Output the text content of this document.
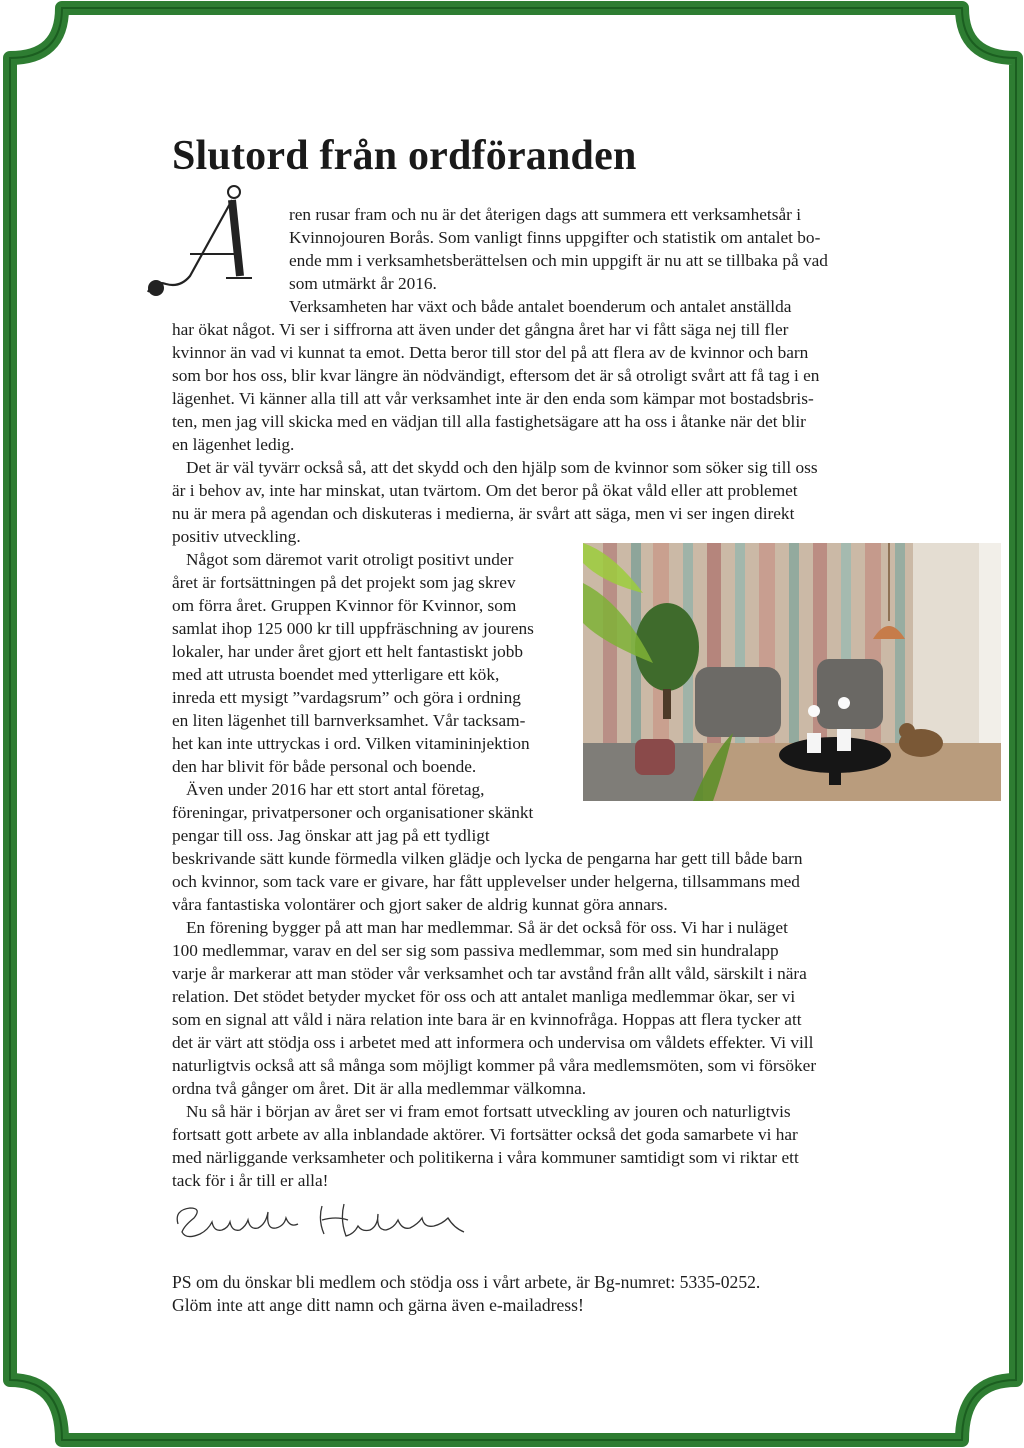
Slutord från ordföranden
Å

ren rusar fram och nu är det återigen dags att summera ett verksamhetsår i

Kvinnojouren Borås. Som vanligt finns uppgifter och statistik om antalet bo-

ende mm i verksamhetsberättelsen och min uppgift är nu att se tillbaka på vad

som utmärkt år 2016.

Verksamheten har växt och både antalet boenderum och antalet anställda

har ökat något. Vi ser i siffrorna att även under det gångna året har vi fått säga nej till fler

kvinnor än vad vi kunnat ta emot. Detta beror till stor del på att flera av de kvinnor och barn

som bor hos oss, blir kvar längre än nödvändigt, eftersom det är så otroligt svårt att få tag i en

lägenhet. Vi känner alla till att vår verksamhet inte är den enda som kämpar mot bostadsbris-

ten, men jag vill skicka med en vädjan till alla fastighetsägare att ha oss i åtanke när det blir

en lägenhet ledig.

Det är väl tyvärr också så, att det skydd och den hjälp som de kvinnor som söker sig till oss

är i behov av, inte har minskat, utan tvärtom. Om det beror på ökat våld eller att problemet

nu är mera på agendan och diskuteras i medierna, är svårt att säga, men vi ser ingen direkt

positiv utveckling.

Något som däremot varit otroligt positivt under

året är fortsättningen på det projekt som jag skrev

om förra året. Gruppen Kvinnor för Kvinnor, som

samlat ihop 125 000 kr till uppfräschning av jourens

lokaler, har under året gjort ett helt fantastiskt jobb

med att utrusta boendet med ytterligare ett kök,

inreda ett mysigt ”vardagsrum” och göra i ordning

en liten lägenhet till barnverksamhet. Vår tacksam-

het kan inte uttryckas i ord. Vilken vitamininjektion

den har blivit för både personal och boende.

Även under 2016 har ett stort antal företag,

föreningar, privatpersoner och organisationer skänkt

pengar till oss. Jag önskar att jag på ett tydligt

beskrivande sätt kunde förmedla vilken glädje och lycka de pengarna har gett till både barn

och kvinnor, som tack vare er givare, har fått upplevelser under helgerna, tillsammans med

våra fantastiska volontärer och gjort saker de aldrig kunnat göra annars.

En förening bygger på att man har medlemmar. Så är det också för oss. Vi har i nuläget

100 medlemmar, varav en del ser sig som passiva medlemmar, som med sin hundralapp

varje år markerar att man stöder vår verksamhet och tar avstånd från allt våld, särskilt i nära

relation. Det stödet betyder mycket för oss och att antalet manliga medlemmar ökar, ser vi

som en signal att våld i nära relation inte bara är en kvinnofråga. Hoppas att flera tycker att

det är värt att stödja oss i arbetet med att informera och undervisa om våldets effekter. Vi vill

naturligtvis också att så många som möjligt kommer på våra medlemsmöten, som vi försöker

ordna två gånger om året. Dit är alla medlemmar välkomna.

Nu så här i början av året ser vi fram emot fortsatt utveckling av jouren och naturligtvis

fortsatt gott arbete av alla inblandade aktörer. Vi fortsätter också det goda samarbete vi har

med närliggande verksamheter och politikerna i våra kommuner samtidigt som vi riktar ett

tack för i år till er alla!

Elisabet Hedblom

PS om du önskar bli medlem och stödja oss i vårt arbete, är Bg-numret: 5335-0252.

Glöm inte att ange ditt namn och gärna även e-mailadress!
